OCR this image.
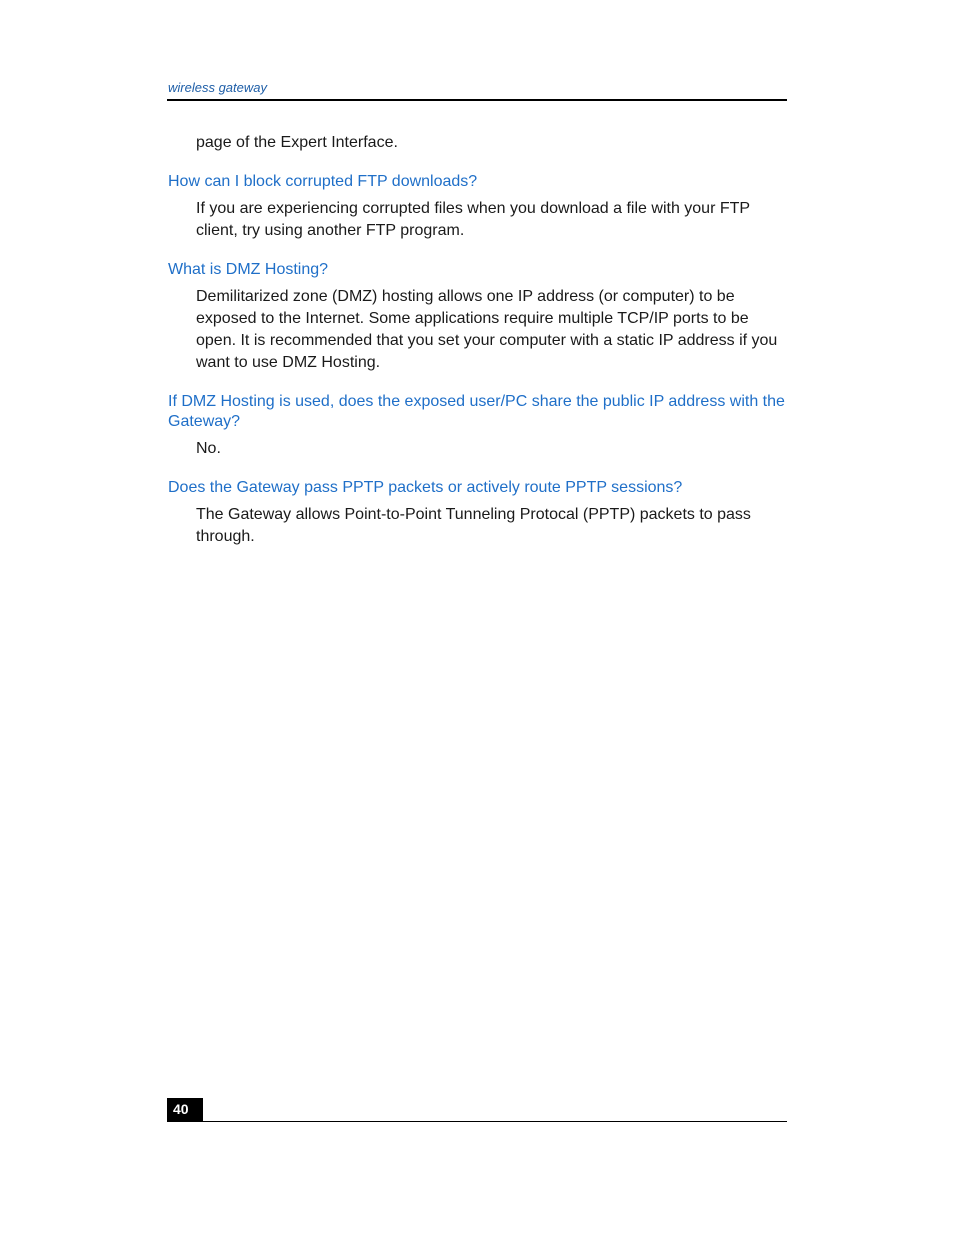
wireless gateway

page of the Expert Interface.

How can I block corrupted FTP downloads?

If you are experiencing corrupted files when you download a file with your FTP client, try using another FTP program.

What is DMZ Hosting?

Demilitarized zone (DMZ) hosting allows one IP address (or computer) to be exposed to the Internet. Some applications require multiple TCP/IP ports to be open. It is recommended that you set your computer with a static IP address if you want to use DMZ Hosting.

If DMZ Hosting is used, does the exposed user/PC share the public IP address with the Gateway?

No.

Does the Gateway pass PPTP packets or actively route PPTP sessions?

The Gateway allows Point-to-Point Tunneling Protocal (PPTP) packets to pass through.

40
